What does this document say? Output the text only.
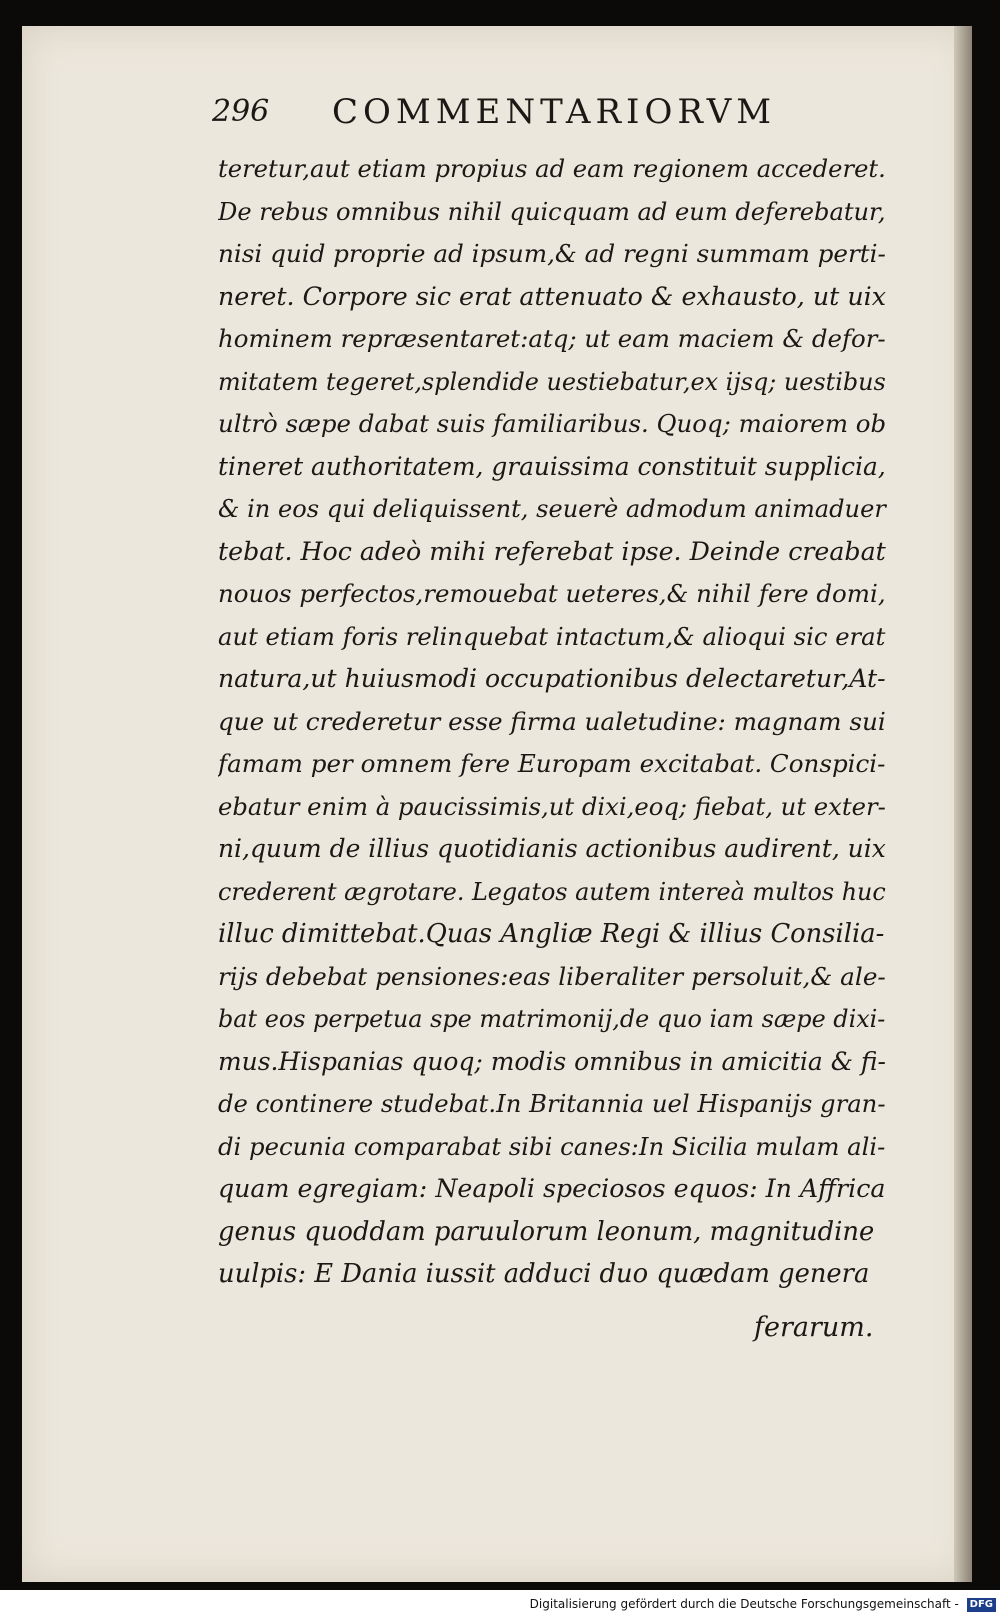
296 COMMENTARIORVM
teretur,aut etiam propius ad eam regionem accederet.
De rebus omnibus nihil quicquam ad eum deferebatur,
nisi quid proprie ad ipsum,& ad regni summam perti-
neret. Corpore sic erat attenuato & exhausto, ut uix
hominem repræsentaret:atq; ut eam maciem & defor-
mitatem tegeret,splendide uestiebatur,ex ijsq; uestibus
ultrò sæpe dabat suis familiaribus. Quoq; maiorem ob
tineret authoritatem, grauissima constituit supplicia,
& in eos qui deliquissent, seuerè admodum animaduer
tebat. Hoc adeò mihi referebat ipse. Deinde creabat
nouos perfectos,remouebat ueteres,& nihil fere domi,
aut etiam foris relinquebat intactum,& alioqui sic erat
natura,ut huiusmodi occupationibus delectaretur,At-
que ut crederetur esse firma ualetudine: magnam sui
famam per omnem fere Europam excitabat. Conspici-
ebatur enim à paucissimis,ut dixi,eoq; fiebat, ut exter-
ni,quum de illius quotidianis actionibus audirent, uix
crederent ægrotare. Legatos autem intereà multos huc
illuc dimittebat.Quas Angliæ Regi & illius Consilia-
rijs debebat pensiones:eas liberaliter persoluit,& ale-
bat eos perpetua spe matrimonij,de quo iam sæpe dixi-
mus.Hispanias quoq; modis omnibus in amicitia & fi-
de continere studebat.In Britannia uel Hispanijs gran-
di pecunia comparabat sibi canes:In Sicilia mulam ali-
quam egregiam: Neapoli speciosos equos: In Affrica
genus quoddam paruulorum leonum, magnitudine
uulpis: E Dania iussit adduci duo quædam genera
ferarum.
Digitalisierung gefördert durch die Deutsche Forschungsgemeinschaft - DFG
